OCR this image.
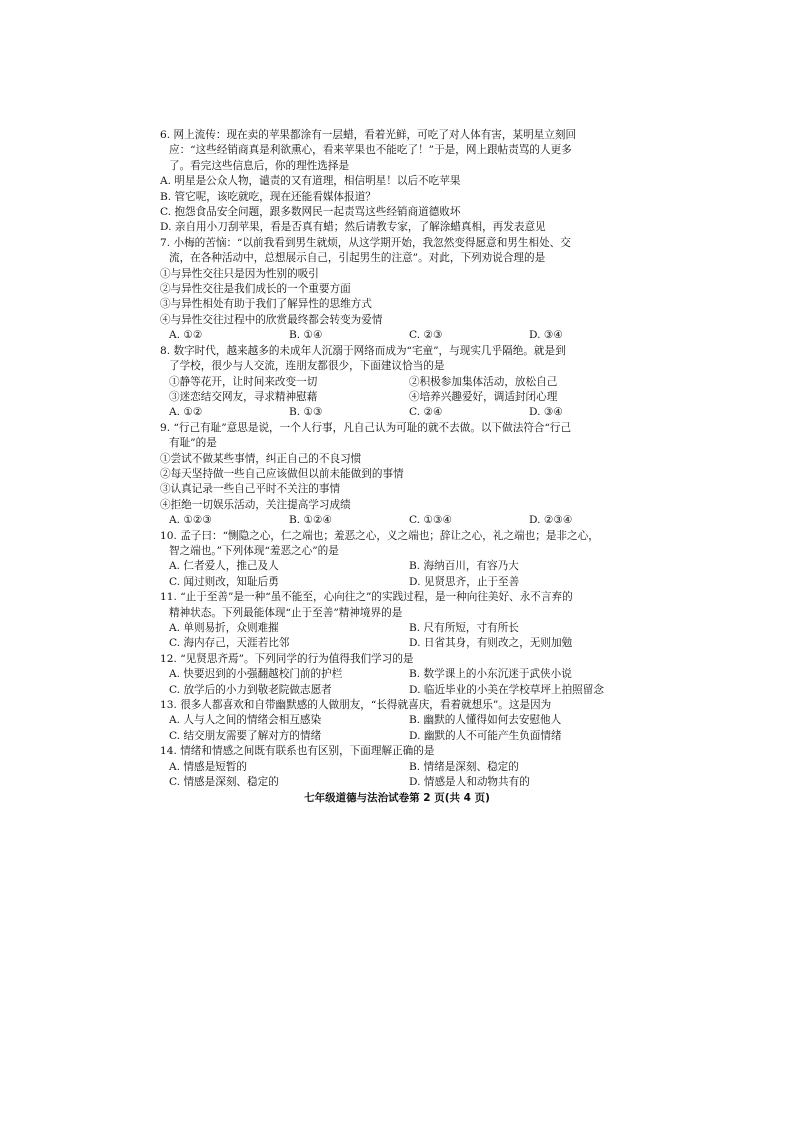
6. 网上流传：现在卖的苹果都涂有一层蜡，看着光鲜，可吃了对人体有害，某明星立刻回
应：“这些经销商真是利欲熏心，看来苹果也不能吃了！”于是，网上跟帖责骂的人更多
了。看完这些信息后，你的理性选择是
A. 明星是公众人物，谴责的又有道理，相信明星！以后不吃苹果
B. 管它呢，该吃就吃，现在还能看媒体报道？
C. 抱怨食品安全问题，跟多数网民一起责骂这些经销商道德败坏
D. 亲自用小刀刮苹果，看是否真有蜡；然后请教专家，了解涂蜡真相，再发表意见
7. 小梅的苦恼：“以前我看到男生就烦，从这学期开始，我忽然变得愿意和男生相处、交
流，在各种活动中，总想展示自己，引起男生的注意”。对此，下列劝说合理的是
①与异性交往只是因为性别的吸引
②与异性交往是我们成长的一个重要方面
③与异性相处有助于我们了解异性的思维方式
④与异性交往过程中的欣赏最终都会转变为爱情
A. ①②	B. ①④	C. ②③	D. ③④
8. 数字时代，越来越多的未成年人沉溺于网络而成为“宅童”，与现实几乎隔绝。就是到
了学校，很少与人交流，连朋友都很少，下面建议恰当的是
①静等花开，让时间来改变一切	②积极参加集体活动，放松自己
③迷恋结交网友，寻求精神慰藉	④培养兴趣爱好，调适封闭心理
A. ①②	B. ①③	C. ②④	D. ③④
9. “行己有耻”意思是说，一个人行事，凡自己认为可耻的就不去做。以下做法符合“行己
有耻”的是
①尝试不做某些事情，纠正自己的不良习惯
②每天坚持做一些自己应该做但以前未能做到的事情
③认真记录一些自己平时不关注的事情
④拒绝一切娱乐活动，关注提高学习成绩
A. ①②③	B. ①②④	C. ①③④	D. ②③④
10. 孟子曰：“恻隐之心，仁之端也；羞恶之心，义之端也；辞让之心，礼之端也；是非之心，
智之端也。”下列体现“羞恶之心”的是
A. 仁者爱人，推己及人	B. 海纳百川，有容乃大
C. 闻过则改，知耻后勇	D. 见贤思齐，止于至善
11. “止于至善”是一种“虽不能至，心向往之”的实践过程，是一种向往美好、永不言弃的
精神状态。下列最能体现“止于至善”精神境界的是
A. 单则易折，众则难摧	B. 尺有所短，寸有所长
C. 海内存己，天涯若比邻	D. 日省其身，有则改之，无则加勉
12. “见贤思齐焉”。下列同学的行为值得我们学习的是
A. 快要迟到的小强翻越校门前的护栏	B. 数学课上的小东沉迷于武侠小说
C. 放学后的小力到敬老院做志愿者	D. 临近毕业的小美在学校草坪上拍照留念
13. 很多人都喜欢和自带幽默感的人做朋友，“长得就喜庆，看着就想乐”。这是因为
A. 人与人之间的情绪会相互感染	B. 幽默的人懂得如何去安慰他人
C. 结交朋友需要了解对方的情绪	D. 幽默的人不可能产生负面情绪
14. 情绪和情感之间既有联系也有区别，下面理解正确的是
A. 情感是短暂的	B. 情绪是深刻、稳定的
C. 情感是深刻、稳定的	D. 情感是人和动物共有的
七年级道德与法治试卷第 2 页(共 4 页)
